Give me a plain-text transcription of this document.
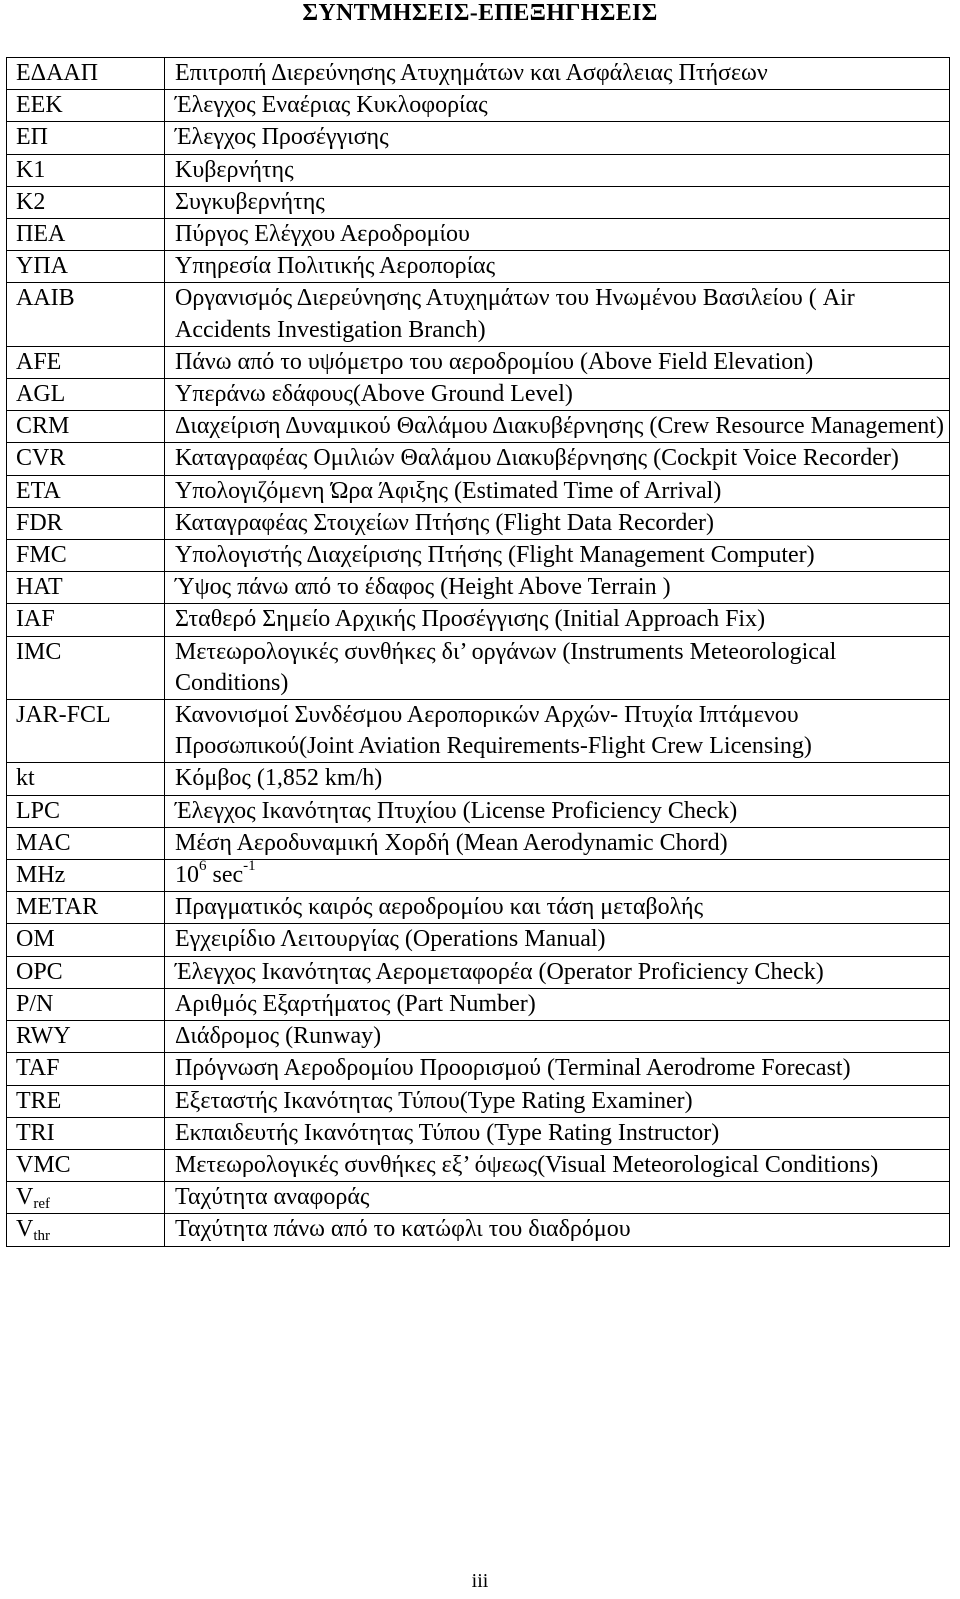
ΣΥΝΤΜΗΣΕΙΣ-ΕΠΕΞΗΓΗΣΕΙΣ
ΕΔΑΑΠ	Επιτροπή Διερεύνησης Ατυχημάτων και Ασφάλειας Πτήσεων
ΕΕΚ	Έλεγχος Εναέριας Κυκλοφορίας
ΕΠ	Έλεγχος Προσέγγισης
Κ1	Κυβερνήτης
Κ2	Συγκυβερνήτης
ΠΕΑ	Πύργος Ελέγχου Αεροδρομίου
ΥΠΑ	Υπηρεσία Πολιτικής Αεροπορίας
AAIB	Οργανισμός Διερεύνησης Ατυχημάτων του Ηνωμένου Βασιλείου ( Air Accidents Investigation Branch)
AFE	Πάνω από το υψόμετρο του αεροδρομίου (Above Field Elevation)
AGL	Υπεράνω εδάφους(Above Ground Level)
CRM	Διαχείριση Δυναμικού Θαλάμου Διακυβέρνησης (Crew Resource Management)
CVR	Καταγραφέας Ομιλιών Θαλάμου Διακυβέρνησης (Cockpit Voice Recorder)
ETA	Υπολογιζόμενη Ώρα Άφιξης (Estimated Time of Arrival)
FDR	Καταγραφέας Στοιχείων Πτήσης (Flight Data Recorder)
FMC	Υπολογιστής Διαχείρισης Πτήσης (Flight Management Computer)
HAT	Ύψος πάνω από το έδαφος (Height Above Terrain )
IAF	Σταθερό Σημείο Αρχικής Προσέγγισης (Initial Approach Fix)
IMC	Μετεωρολογικές συνθήκες δι’ οργάνων (Instruments Meteorological Conditions)
JAR-FCL	Κανονισμοί Συνδέσμου Αεροπορικών Αρχών- Πτυχία Ιπτάμενου Προσωπικού(Joint Aviation Requirements-Flight Crew Licensing)
kt	Κόμβος (1,852 km/h)
LPC	Έλεγχος Ικανότητας Πτυχίου (License Proficiency Check)
MAC	Μέση Αεροδυναμική Χορδή (Mean Aerodynamic Chord)
MHz	$10^6$ $\sec^{-1}$
METAR	Πραγματικός καιρός αεροδρομίου και τάση μεταβολής
OM	Εγχειρίδιο Λειτουργίας (Operations Manual)
OPC	Έλεγχος Ικανότητας Αερομεταφορέα (Operator Proficiency Check)
P/N	Αριθμός Εξαρτήματος (Part Number)
RWY	Διάδρομος (Runway)
TAF	Πρόγνωση Αεροδρομίου Προορισμού (Terminal Aerodrome Forecast)
TRE	Εξεταστής Ικανότητας Τύπου(Type Rating Examiner)
TRI	Εκπαιδευτής Ικανότητας Τύπου (Type Rating Instructor)
VMC	Μετεωρολογικές συνθήκες εξ’ όψεως(Visual Meteorological Conditions)
$V_{ref}$	Ταχύτητα αναφοράς
$V_{thr}$	Ταχύτητα πάνω από το κατώφλι του διαδρόμου
iii
